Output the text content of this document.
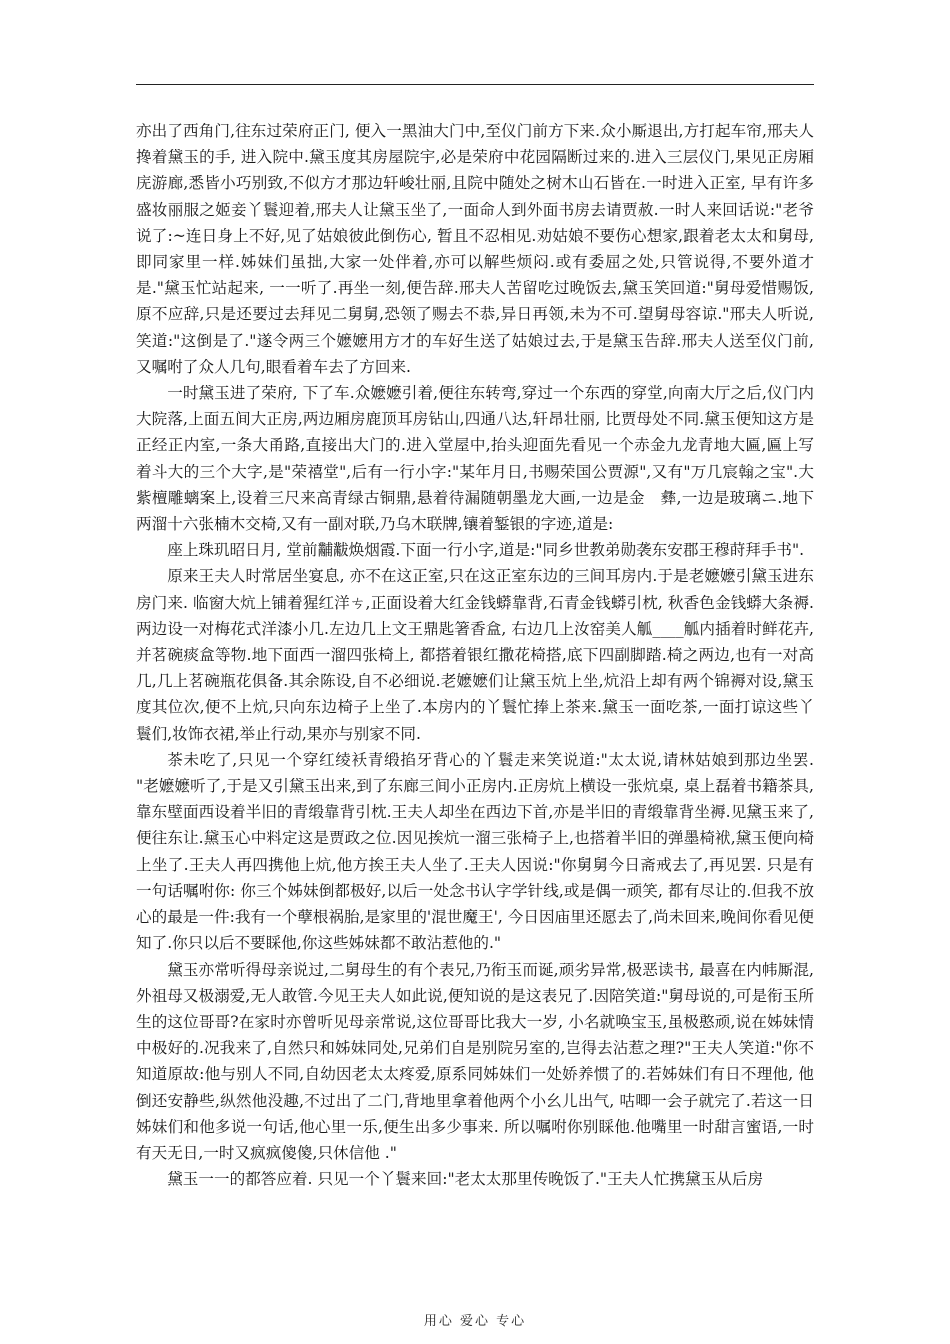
亦出了西角门,往东过荣府正门, 便入一黑油大门中,至仪门前方下来.众小厮退出,方打起车帘,邢夫人搀着黛玉的手, 进入院中.黛玉度其房屋院宇,必是荣府中花园隔断过来的.进入三层仪门,果见正房厢庑游廊,悉皆小巧别致,不似方才那边轩峻壮丽,且院中随处之树木山石皆在.一时进入正室, 早有许多盛妆丽服之姬妾丫鬟迎着,邢夫人让黛玉坐了,一面命人到外面书房去请贾赦.一时人来回话说:"老爷说了:~连日身上不好,见了姑娘彼此倒伤心, 暂且不忍相见.劝姑娘不要伤心想家,跟着老太太和舅母,即同家里一样.姊妹们虽拙,大家一处伴着,亦可以解些烦闷.或有委屈之处,只管说得,不要外道才是."黛玉忙站起来, 一一听了.再坐一刻,便告辞.邢夫人苦留吃过晚饭去,黛玉笑回道:"舅母爱惜赐饭, 原不应辞,只是还要过去拜见二舅舅,恐领了赐去不恭,异日再领,未为不可.望舅母容谅."邢夫人听说,笑道:"这倒是了."遂令两三个嬷嬷用方才的车好生送了姑娘过去,于是黛玉告辞.邢夫人送至仪门前,又嘱咐了众人几句,眼看着车去了方回来.

一时黛玉进了荣府, 下了车.众嬷嬷引着,便往东转弯,穿过一个东西的穿堂,向南大厅之后,仪门内大院落,上面五间大正房,两边厢房鹿顶耳房钻山,四通八达,轩昂壮丽, 比贾母处不同.黛玉便知这方是正经正内室,一条大甬路,直接出大门的.进入堂屋中,抬头迎面先看见一个赤金九龙青地大匾,匾上写着斗大的三个大字,是"荣禧堂",后有一行小字:"某年月日,书赐荣国公贾源",又有"万几宸翰之宝".大紫檀雕螭案上,设着三尺来高青绿古铜鼎,悬着待漏随朝墨龙大画,一边是金　彝,一边是玻璃ニ.地下两溜十六张楠木交椅,又有一副对联,乃乌木联牌,镶着錾银的字迹,道是:

座上珠玑昭日月, 堂前黼黻焕烟霞.下面一行小字,道是:"同乡世教弟勋袭东安郡王穆莳拜手书".

原来王夫人时常居坐宴息, 亦不在这正室,只在这正室东边的三间耳房内.于是老嬷嬷引黛玉进东房门来. 临窗大炕上铺着猩红洋ㄘ,正面设着大红金钱蟒靠背,石青金钱蟒引枕, 秋香色金钱蟒大条褥.两边设一对梅花式洋漆小几.左边几上文王鼎匙箸香盒, 右边几上汝窑美人觚____觚内插着时鲜花卉,并茗碗痰盒等物.地下面西一溜四张椅上, 都搭着银红撒花椅搭,底下四副脚踏.椅之两边,也有一对高几,几上茗碗瓶花俱备.其余陈设,自不必细说.老嬷嬷们让黛玉炕上坐,炕沿上却有两个锦褥对设,黛玉度其位次,便不上炕,只向东边椅子上坐了.本房内的丫鬟忙捧上茶来.黛玉一面吃茶,一面打谅这些丫鬟们,妆饰衣裙,举止行动,果亦与别家不同.

茶未吃了,只见一个穿红绫袄青缎掐牙背心的丫鬟走来笑说道:"太太说,请林姑娘到那边坐罢. "老嬷嬷听了,于是又引黛玉出来,到了东廊三间小正房内.正房炕上横设一张炕桌, 桌上磊着书籍茶具,靠东壁面西设着半旧的青缎靠背引枕.王夫人却坐在西边下首,亦是半旧的青缎靠背坐褥.见黛玉来了,便往东让.黛玉心中料定这是贾政之位.因见挨炕一溜三张椅子上,也搭着半旧的弹墨椅袱,黛玉便向椅上坐了.王夫人再四携他上炕,他方挨王夫人坐了.王夫人因说:"你舅舅今日斋戒去了,再见罢. 只是有一句话嘱咐你: 你三个姊妹倒都极好,以后一处念书认字学针线,或是偶一顽笑, 都有尽让的.但我不放心的最是一件:我有一个孽根祸胎,是家里的'混世魔王', 今日因庙里还愿去了,尚未回来,晚间你看见便知了.你只以后不要睬他,你这些姊妹都不敢沾惹他的."

黛玉亦常听得母亲说过,二舅母生的有个表兄,乃衔玉而诞,顽劣异常,极恶读书, 最喜在内帏厮混,外祖母又极溺爱,无人敢管.今见王夫人如此说,便知说的是这表兄了.因陪笑道:"舅母说的,可是衔玉所生的这位哥哥?在家时亦曾听见母亲常说,这位哥哥比我大一岁, 小名就唤宝玉,虽极憨顽,说在姊妹情中极好的.况我来了,自然只和姊妹同处,兄弟们自是别院另室的,岂得去沾惹之理?"王夫人笑道:"你不知道原故:他与别人不同,自幼因老太太疼爱,原系同姊妹们一处娇养惯了的.若姊妹们有日不理他, 他倒还安静些,纵然他没趣,不过出了二门,背地里拿着他两个小幺儿出气, 咕唧一会子就完了.若这一日姊妹们和他多说一句话,他心里一乐,便生出多少事来. 所以嘱咐你别睬他.他嘴里一时甜言蜜语,一时有天无日,一时又疯疯傻傻,只休信他 ."

黛玉一一的都答应着. 只见一个丫鬟来回:"老太太那里传晚饭了."王夫人忙携黛玉从后房

用心 爱心 专心
